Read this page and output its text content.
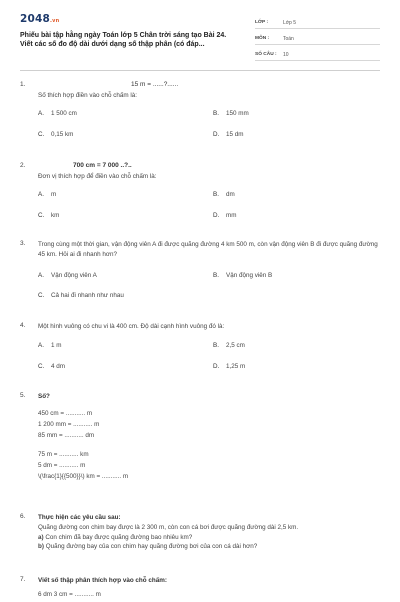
2048.vn
Phiếu bài tập hằng ngày Toán lớp 5 Chân trời sáng tạo Bài 24. Viết các số đo độ dài dưới dạng số thập phân (có đáp...
LỚP :	Lớp 5
MÔN :	Toán
SỐ CÂU :	10
1.	15 m = ......?......
Số thích hợp điền vào chỗ chấm là:
A.	1 500 cm	B.	150 mm
C.	0,15 km	D.	15 dm
2.	700 cm = 7 000 ..?..
Đơn vị thích hợp để điền vào chỗ chấm là:
A.	m	B.	dm
C.	km	D.	mm
3. Trong cùng một thời gian, vận động viên A đi được quãng đường 4 km 500 m, còn vận động viên B đi được quãng đường 45 km. Hỏi ai đi nhanh hơn?
A.	Vận động viên A	B.	Vận động viên B
C.	Cả hai đi nhanh như nhau
4. Một hình vuông có chu vi là 400 cm. Độ dài cạnh hình vuông đó là:
A.	1 m	B.	2,5 cm
C.	4 dm	D.	1,25 m
5. Số?
450 cm = ........... m
1 200 mm = ........... m
85 mm = ........... dm
75 m = ........... km
5 dm = ........... m
\(\frac{1}{{500}}\) km = ........... m
6. Thực hiện các yêu cầu sau:
Quãng đường con chim bay được là 2 300 m, còn con cá bơi được quãng đường dài 2,5 km.
a) Con chim đã bay được quãng đường bao nhiêu km?
b) Quãng đường bay của con chim hay quãng đường bơi của con cá dài hơn?
7. Viết số thập phân thích hợp vào chỗ chấm:
6 dm 3 cm = ........... m
